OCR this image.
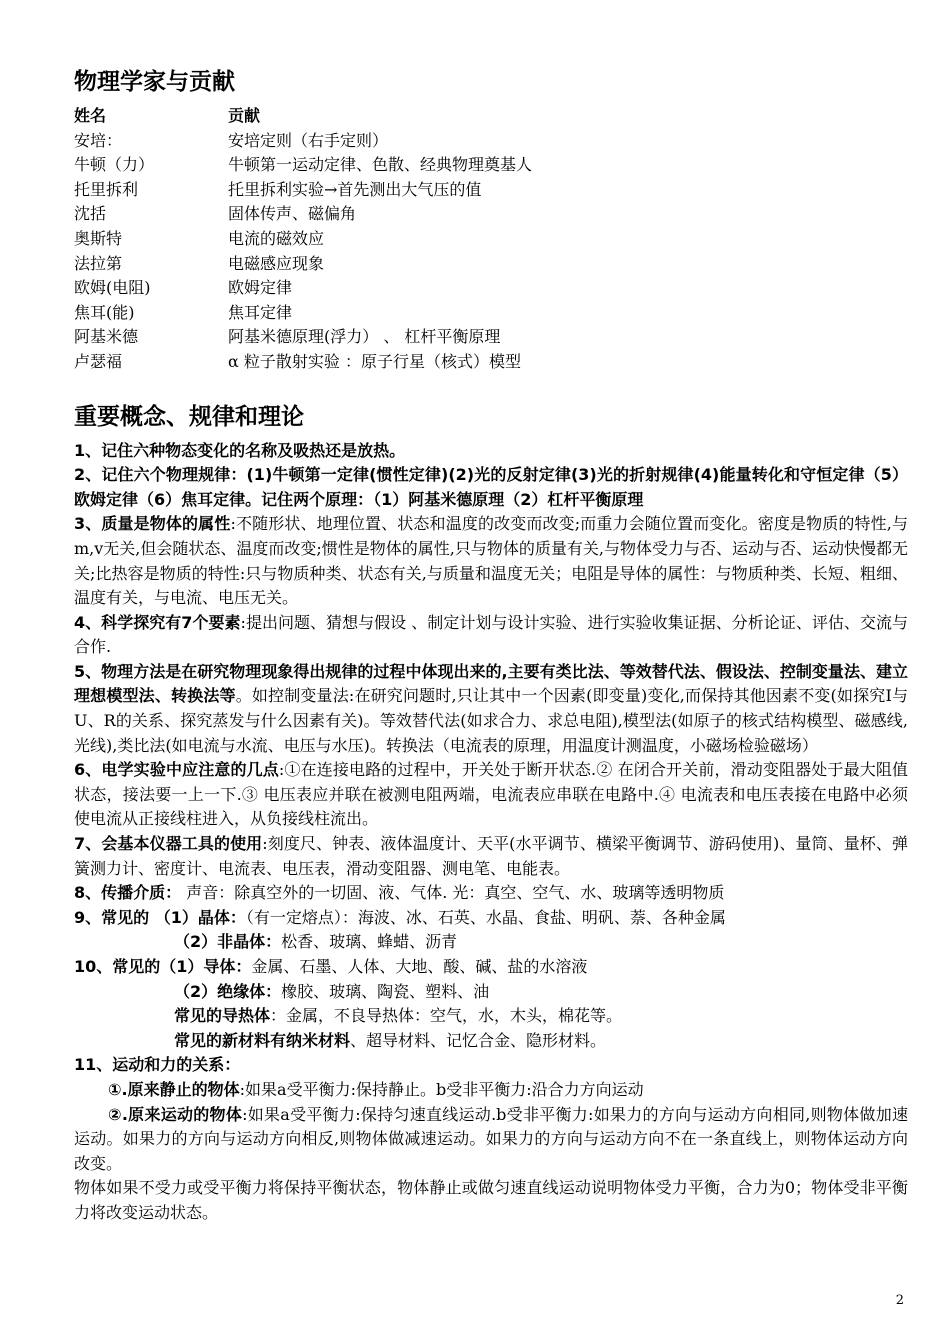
物理学家与贡献
姓名	贡献
安培：	安培定则（右手定则）
牛顿（力）	牛顿第一运动定律、色散、经典物理奠基人
托里拆利	托里拆利实验→首先测出大气压的值
沈括	固体传声、磁偏角
奥斯特	电流的磁效应
法拉第	电磁感应现象
欧姆(电阻)	欧姆定律
焦耳(能)	焦耳定律
阿基米德	阿基米德原理(浮力） 、 杠杆平衡原理
卢瑟福	α 粒子散射实验 ：原子行星（核式）模型
重要概念、规律和理论

1、记住六种物态变化的名称及吸热还是放热。

2、记住六个物理规律：(1)牛顿第一定律(惯性定律)(2)光的反射定律(3)光的折射规律(4)能量转化和守恒定律（5）欧姆定律（6）焦耳定律。记住两个原理：（1）阿基米德原理（2）杠杆平衡原理

3、质量是物体的属性:不随形状、地理位置、状态和温度的改变而改变;而重力会随位置而变化。密度是物质的特性,与m,v无关,但会随状态、温度而改变;惯性是物体的属性,只与物体的质量有关,与物体受力与否、运动与否、运动快慢都无关;比热容是物质的特性:只与物质种类、状态有关,与质量和温度无关；电阻是导体的属性：与物质种类、长短、粗细、温度有关，与电流、电压无关。

4、科学探究有7个要素:提出问题、猜想与假设 、制定计划与设计实验、进行实验收集证据、分析论证、评估、交流与合作.

5、物理方法是在研究物理现象得出规律的过程中体现出来的,主要有类比法、等效替代法、假设法、控制变量法、建立理想模型法、转换法等。如控制变量法:在研究问题时,只让其中一个因素(即变量)变化,而保持其他因素不变(如探究Ⅰ与U、R的关系、探究蒸发与什么因素有关)。等效替代法(如求合力、求总电阻),模型法(如原子的核式结构模型、磁感线,光线),类比法(如电流与水流、电压与水压)。转换法（电流表的原理，用温度计测温度，小磁场检验磁场）

6、电学实验中应注意的几点:①在连接电路的过程中，开关处于断开状态.② 在闭合开关前，滑动变阻器处于最大阻值状态，接法要一上一下.③ 电压表应并联在被测电阻两端，电流表应串联在电路中.④ 电流表和电压表接在电路中必须使电流从正接线柱进入，从负接线柱流出。

7、会基本仪器工具的使用:刻度尺、钟表、液体温度计、天平(水平调节、横梁平衡调节、游码使用)、量筒、量杯、弹簧测力计、密度计、电流表、电压表，滑动变阻器、测电笔、电能表。

8、传播介质： 声音：除真空外的一切固、液、气体. 光：真空、空气、水、玻璃等透明物质

9、常见的 （1）晶体：（有一定熔点）：海波、冰、石英、水晶、食盐、明矾、萘、各种金属

（2）非晶体：松香、玻璃、蜂蜡、沥青

10、常见的（1）导体：金属、石墨、人体、大地、酸、碱、盐的水溶液

（2）绝缘体：橡胶、玻璃、陶瓷、塑料、油

常见的导热体：金属，不良导热体：空气，水，木头，棉花等。

常见的新材料有纳米材料、超导材料、记忆合金、隐形材料。

11、运动和力的关系：

①.原来静止的物体:如果a受平衡力:保持静止。b受非平衡力:沿合力方向运动

②.原来运动的物体:如果a受平衡力:保持匀速直线运动.b受非平衡力:如果力的方向与运动方向相同,则物体做加速运动。如果力的方向与运动方向相反,则物体做减速运动。如果力的方向与运动方向不在一条直线上，则物体运动方向改变。

物体如果不受力或受平衡力将保持平衡状态，物体静止或做匀速直线运动说明物体受力平衡，合力为0；物体受非平衡力将改变运动状态。

2
